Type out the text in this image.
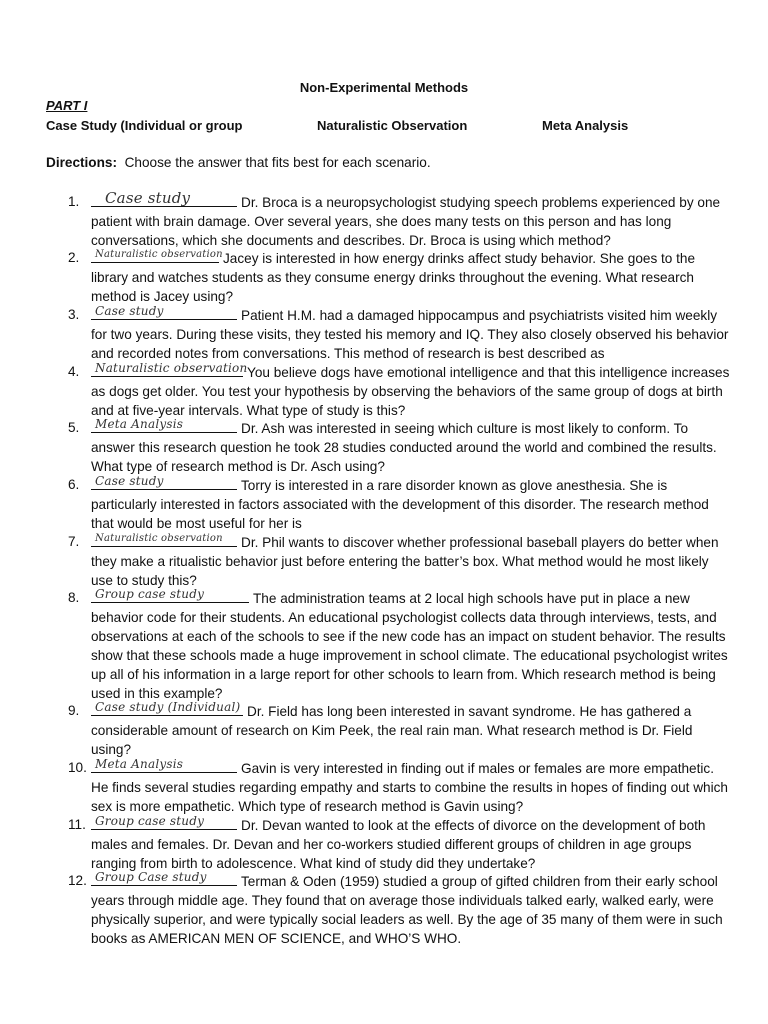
Non-Experimental Methods
PART I
Case Study (Individual or group	Naturalistic Observation	Meta Analysis
Directions: Choose the answer that fits best for each scenario.
1.	Case study	Dr. Broca is a neuropsychologist studying speech problems experienced by one patient with brain damage. Over several years, she does many tests on this person and has long conversations, which she documents and describes. Dr. Broca is using which method?
2.	Naturalistic observation Jacey is interested in how energy drinks affect study behavior. She goes to the library and watches students as they consume energy drinks throughout the evening. What research method is Jacey using?
3.	Case study	Patient H.M. had a damaged hippocampus and psychiatrists visited him weekly for two years. During these visits, they tested his memory and IQ. They also closely observed his behavior and recorded notes from conversations. This method of research is best described as
4.	Naturalistic observation You believe dogs have emotional intelligence and that this intelligence increases as dogs get older. You test your hypothesis by observing the behaviors of the same group of dogs at birth and at five-year intervals. What type of study is this?
5.	Meta Analysis	Dr. Ash was interested in seeing which culture is most likely to conform. To answer this research question he took 28 studies conducted around the world and combined the results. What type of research method is Dr. Asch using?
6.	Case study	Torry is interested in a rare disorder known as glove anesthesia. She is particularly interested in factors associated with the development of this disorder. The research method that would be most useful for her is
7.	Naturalistic observation Dr. Phil wants to discover whether professional baseball players do better when they make a ritualistic behavior just before entering the batter’s box. What method would he most likely use to study this?
8.	Group case study	The administration teams at 2 local high schools have put in place a new behavior code for their students. An educational psychologist collects data through interviews, tests, and observations at each of the schools to see if the new code has an impact on student behavior. The results show that these schools made a huge improvement in school climate. The educational psychologist writes up all of his information in a large report for other schools to learn from. Which research method is being used in this example?
9.	Case study (Individual) Dr. Field has long been interested in savant syndrome. He has gathered a considerable amount of research on Kim Peek, the real rain man. What research method is Dr. Field using?
10. Meta Analysis	Gavin is very interested in finding out if males or females are more empathetic. He finds several studies regarding empathy and starts to combine the results in hopes of finding out which sex is more empathetic. Which type of research method is Gavin using?
11. Group case study	Dr. Devan wanted to look at the effects of divorce on the development of both males and females. Dr. Devan and her co-workers studied different groups of children in age groups ranging from birth to adolescence. What kind of study did they undertake?
12. Group Case study	Terman & Oden (1959) studied a group of gifted children from their early school years through middle age. They found that on average those individuals talked early, walked early, were physically superior, and were typically social leaders as well. By the age of 35 many of them were in such books as AMERICAN MEN OF SCIENCE, and WHO’S WHO.
